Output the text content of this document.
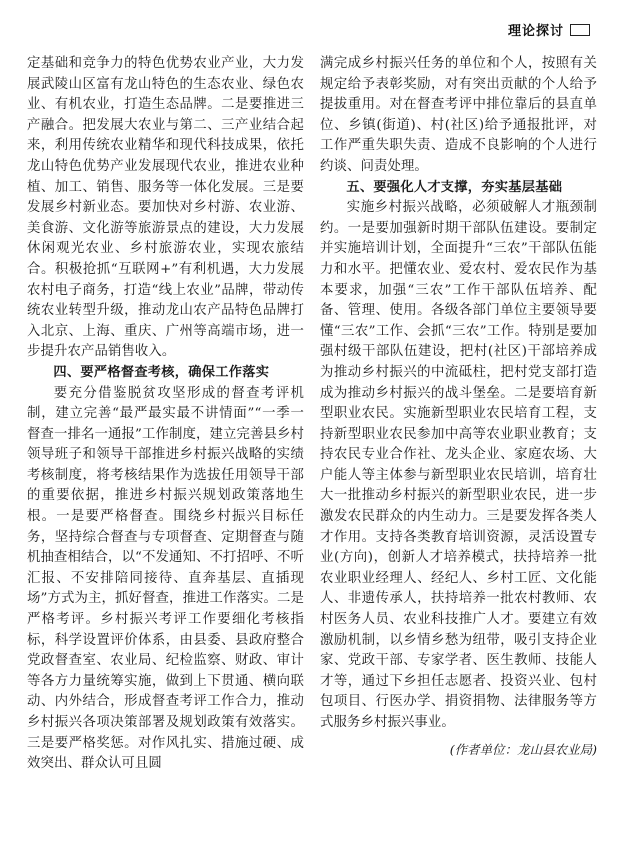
理论探讨

定基础和竞争力的特色优势农业产业，大力发展武陵山区富有龙山特色的生态农业、绿色农业、有机农业，打造生态品牌。二是要推进三产融合。把发展大农业与第二、三产业结合起来，利用传统农业精华和现代科技成果，依托龙山特色优势产业发展现代农业，推进农业种植、加工、销售、服务等一体化发展。三是要发展乡村新业态。要加快对乡村游、农业游、美食游、文化游等旅游景点的建设，大力发展休闲观光农业、乡村旅游农业，实现农旅结合。积极抢抓“互联网+”有利机遇，大力发展农村电子商务，打造“线上农业”品牌，带动传统农业转型升级，推动龙山农产品特色品牌打入北京、上海、重庆、广州等高端市场，进一步提升农产品销售收入。

四、要严格督查考核，确保工作落实

要充分借鉴脱贫攻坚形成的督查考评机制，建立完善“最严最实最不讲情面”“一季一督查一排名一通报”工作制度，建立完善县乡村领导班子和领导干部推进乡村振兴战略的实绩考核制度，将考核结果作为选拔任用领导干部的重要依据，推进乡村振兴规划政策落地生根。一是要严格督查。围绕乡村振兴目标任务，坚持综合督查与专项督查、定期督查与随机抽查相结合，以“不发通知、不打招呼、不听汇报、不安排陪同接待、直奔基层、直插现场”方式为主，抓好督查，推进工作落实。二是严格考评。乡村振兴考评工作要细化考核指标，科学设置评价体系，由县委、县政府整合党政督查室、农业局、纪检监察、财政、审计等各方力量统筹实施，做到上下贯通、横向联动、内外结合，形成督查考评工作合力，推动乡村振兴各项决策部署及规划政策有效落实。三是要严格奖惩。对作风扎实、措施过硬、成效突出、群众认可且圆

满完成乡村振兴任务的单位和个人，按照有关规定给予表彰奖励，对有突出贡献的个人给予提拔重用。对在督查考评中排位靠后的县直单位、乡镇(街道)、村(社区)给予通报批评，对工作严重失职失责、造成不良影响的个人进行约谈、问责处理。

五、要强化人才支撑，夯实基层基础

实施乡村振兴战略，必须破解人才瓶颈制约。一是要加强新时期干部队伍建设。要制定并实施培训计划，全面提升“三农”干部队伍能力和水平。把懂农业、爱农村、爱农民作为基本要求，加强“三农”工作干部队伍培养、配备、管理、使用。各级各部门单位主要领导要懂“三农”工作、会抓“三农”工作。特别是要加强村级干部队伍建设，把村(社区)干部培养成为推动乡村振兴的中流砥柱，把村党支部打造成为推动乡村振兴的战斗堡垒。二是要培育新型职业农民。实施新型职业农民培育工程，支持新型职业农民参加中高等农业职业教育；支持农民专业合作社、龙头企业、家庭农场、大户能人等主体参与新型职业农民培训，培育壮大一批推动乡村振兴的新型职业农民，进一步激发农民群众的内生动力。三是要发挥各类人才作用。支持各类教育培训资源，灵活设置专业(方向)，创新人才培养模式，扶持培养一批农业职业经理人、经纪人、乡村工匠、文化能人、非遗传承人，扶持培养一批农村教师、农村医务人员、农业科技推广人才。要建立有效激励机制，以乡情乡愁为纽带，吸引支持企业家、党政干部、专家学者、医生教师、技能人才等，通过下乡担任志愿者、投资兴业、包村包项目、行医办学、捐资捐物、法律服务等方式服务乡村振兴事业。

(作者单位：龙山县农业局)
